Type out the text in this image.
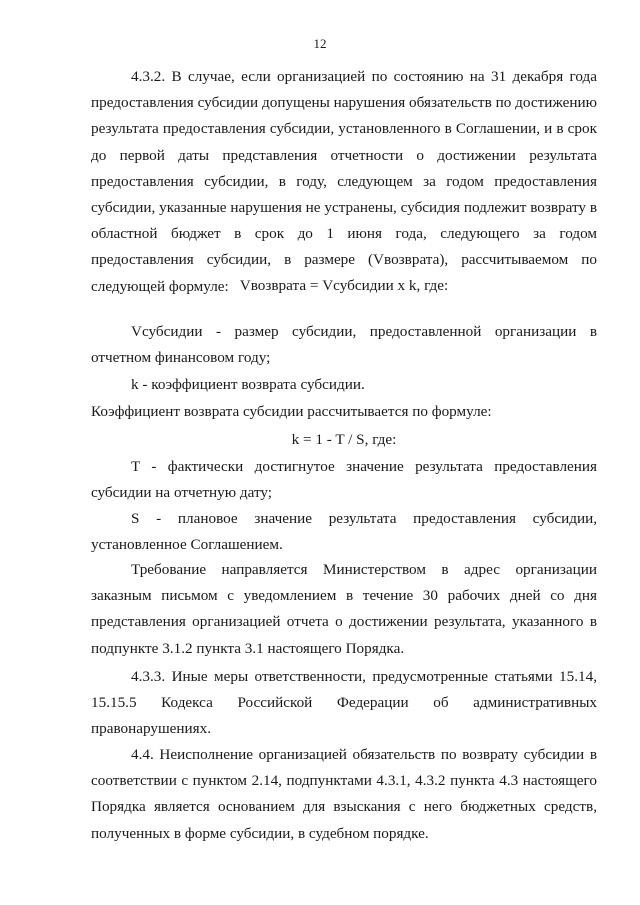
12

4.3.2. В случае, если организацией по состоянию на 31 декабря года предоставления субсидии допущены нарушения обязательств по достижению результата предоставления субсидии, установленного в Соглашении, и в срок до первой даты представления отчетности о достижении результата предоставления субсидии, в году, следующем за годом предоставления субсидии, указанные нарушения не устранены, субсидия подлежит возврату в областной бюджет в срок до 1 июня года, следующего за годом предоставления субсидии, в размере (Vвозврата), рассчитываемом по следующей формуле: Vвозврата = Vсубсидии x k, где:

Vсубсидии - размер субсидии, предоставленной организации в отчетном финансовом году;

k - коэффициент возврата субсидии.

Коэффициент возврата субсидии рассчитывается по формуле:

k = 1 - T / S, где:

T - фактически достигнутое значение результата предоставления субсидии на отчетную дату;

S - плановое значение результата предоставления субсидии, установленное Соглашением.

Требование направляется Министерством в адрес организации заказным письмом с уведомлением в течение 30 рабочих дней со дня представления организацией отчета о достижении результата, указанного в подпункте 3.1.2 пункта 3.1 настоящего Порядка.

4.3.3. Иные меры ответственности, предусмотренные статьями 15.14, 15.15.5 Кодекса Российской Федерации об административных правонарушениях.

4.4. Неисполнение организацией обязательств по возврату субсидии в соответствии с пунктом 2.14, подпунктами 4.3.1, 4.3.2 пункта 4.3 настоящего Порядка является основанием для взыскания с него бюджетных средств, полученных в форме субсидии, в судебном порядке.
